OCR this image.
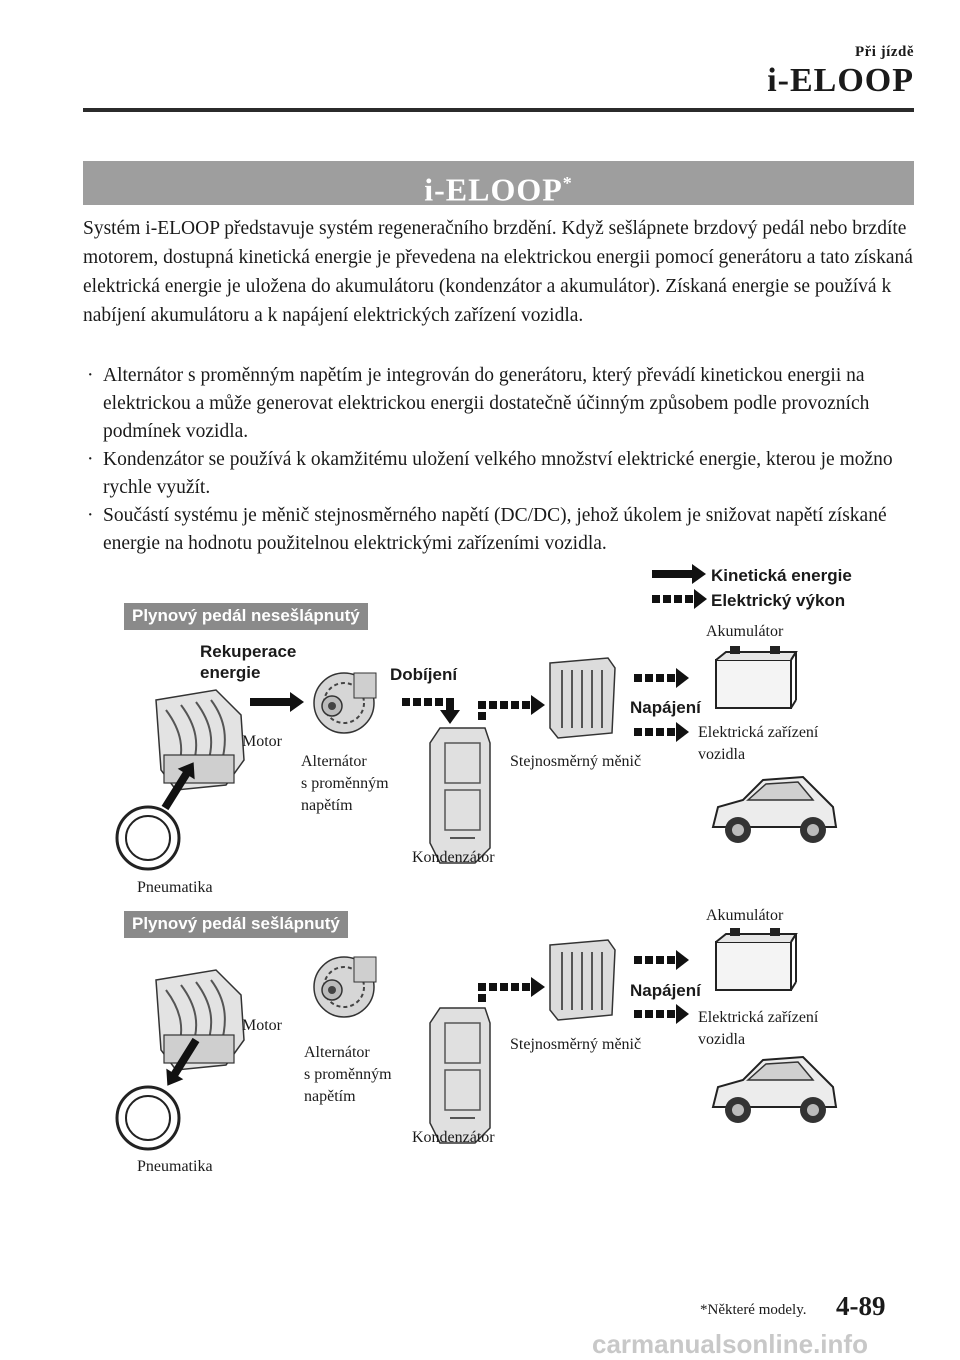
Při jízdě
i-ELOOP
i-ELOOP*
Systém i-ELOOP představuje systém regeneračního brzdění. Když sešlápnete brzdový pedál nebo brzdíte motorem, dostupná kinetická energie je převedena na elektrickou energii pomocí generátoru a tato získaná elektrická energie je uložena do akumulátoru (kondenzátor a akumulátor). Získaná energie se používá k nabíjení akumulátoru a k napájení elektrických zařízení vozidla.
· Alternátor s proměnným napětím je integrován do generátoru, který převádí kinetickou energii na elektrickou a může generovat elektrickou energii dostatečně účinným způsobem podle provozních podmínek vozidla.
· Kondenzátor se používá k okamžitému uložení velkého množství elektrické energie, kterou je možno rychle využít.
· Součástí systému je měnič stejnosměrného napětí (DC/DC), jehož úkolem je snižovat napětí získané energie na hodnotu použitelnou elektrickými zařízeními vozidla.
Kinetická energie
Elektrický výkon
Plynový pedál nesešlápnutý
Rekuperace
energie	Dobíjení
Napájení
Motor
Alternátor
s proměnným
napětím
Kondenzátor
Stejnosměrný měnič
Akumulátor
Elektrická zařízení
vozidla
Pneumatika
Plynový pedál sešlápnutý
Napájení
Motor
Alternátor
s proměnným
napětím
Kondenzátor
Stejnosměrný měnič
Akumulátor
Elektrická zařízení
vozidla
Pneumatika
*Některé modely. 4-89
carmanualsonline.info
